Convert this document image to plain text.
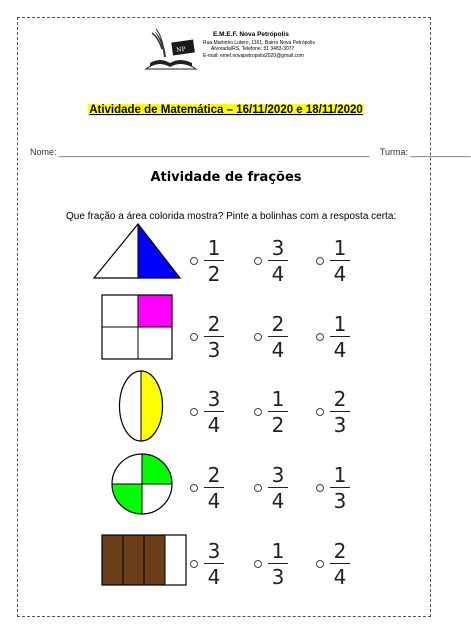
NP
E.M.E.F. Nova Petrópolis
Rua Martinho Lutero, 1161, Bairro Nova Petrópolis
Alvorada/RS, Telefone: 51 3483-3077
E-mail: emef.novapetropolis2020@gmail.com
Atividade de Matemática – 16/11/2020 e 18/11/2020
Nome: ______________________________________________________________ Turma: ____________
Atividade de frações
Que fração a área colorida mostra? Pinte a bolinhas com a resposta certa:
1
2
3
4
1
4
2
3
2
4
1
4
3
4
1
2
2
3
2
4
3
4
1
3
3
4
1
3
2
4
